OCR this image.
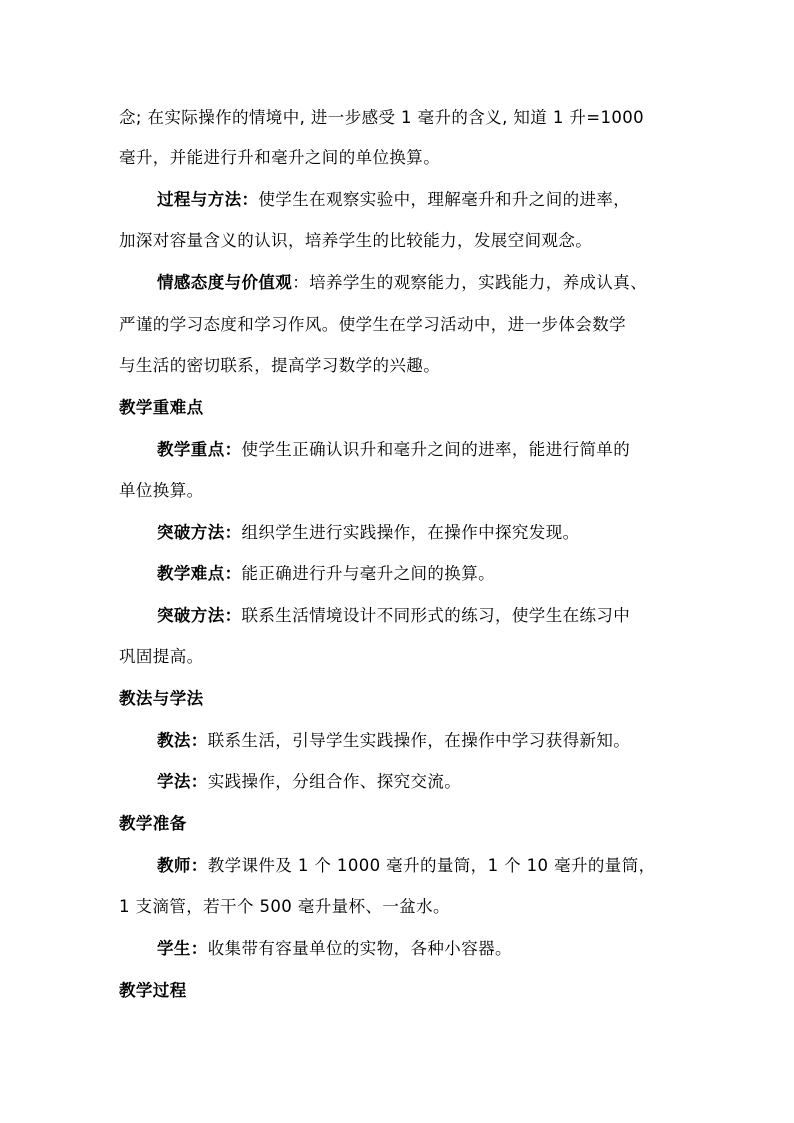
念; 在实际操作的情境中, 进一步感受 1 毫升的含义, 知道 1 升=1000
毫升，并能进行升和毫升之间的单位换算。
过程与方法：使学生在观察实验中，理解毫升和升之间的进率，
加深对容量含义的认识，培养学生的比较能力，发展空间观念。
情感态度与价值观：培养学生的观察能力，实践能力，养成认真、
严谨的学习态度和学习作风。使学生在学习活动中，进一步体会数学
与生活的密切联系，提高学习数学的兴趣。
教学重难点
教学重点：使学生正确认识升和毫升之间的进率，能进行简单的
单位换算。
突破方法：组织学生进行实践操作，在操作中探究发现。
教学难点：能正确进行升与毫升之间的换算。
突破方法：联系生活情境设计不同形式的练习，使学生在练习中
巩固提高。
教法与学法
教法：联系生活，引导学生实践操作，在操作中学习获得新知。
学法：实践操作，分组合作、探究交流。
教学准备
教师：教学课件及 1 个 1000 毫升的量筒，1 个 10 毫升的量筒，
1 支滴管，若干个 500 毫升量杯、一盆水。
学生：收集带有容量单位的实物，各种小容器。
教学过程
